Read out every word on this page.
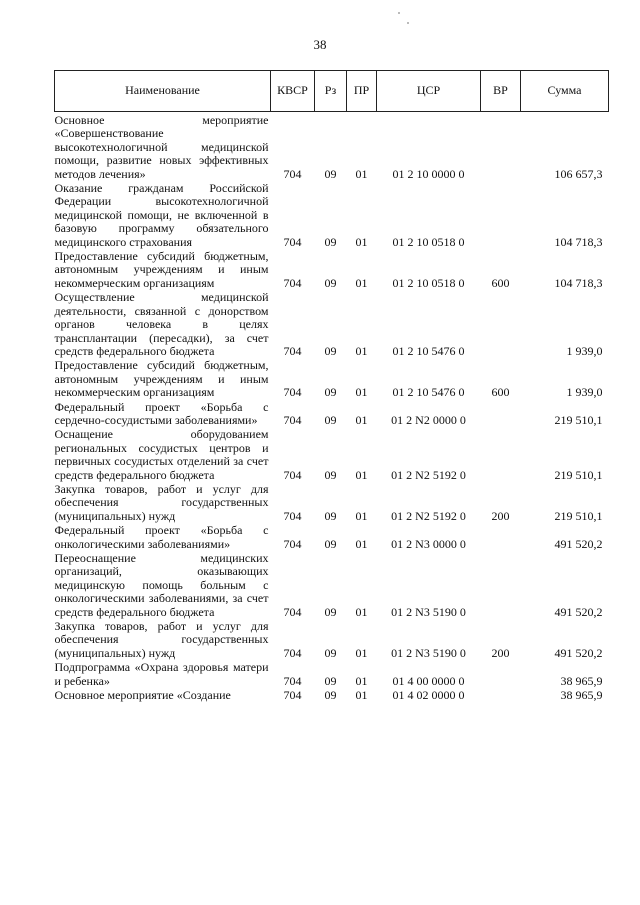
38
Наименование	КВСР	Рз	ПР	ЦСР	ВР	Сумма
Основное мероприятие «Совершенствование высокотехнологичной медицинской помощи, развитие новых эффективных методов лечения»	704	09	01	01 2 10 0000 0		106 657,3
Оказание гражданам Российской Федерации высокотехнологичной медицинской помощи, не включенной в базовую программу обязательного медицинского страхования	704	09	01	01 2 10 0518 0		104 718,3
Предоставление субсидий бюджетным, автономным учреждениям и иным некоммерческим организациям	704	09	01	01 2 10 0518 0	600	104 718,3
Осуществление медицинской деятельности, связанной с донорством органов человека в целях трансплантации (пересадки), за счет средств федерального бюджета	704	09	01	01 2 10 5476 0		1 939,0
Предоставление субсидий бюджетным, автономным учреждениям и иным некоммерческим организациям	704	09	01	01 2 10 5476 0	600	1 939,0
Федеральный проект «Борьба с сердечно-сосудистыми заболеваниями»	704	09	01	01 2 N2 0000 0		219 510,1
Оснащение оборудованием региональных сосудистых центров и первичных сосудистых отделений за счет средств федерального бюджета	704	09	01	01 2 N2 5192 0		219 510,1
Закупка товаров, работ и услуг для обеспечения государственных (муниципальных) нужд	704	09	01	01 2 N2 5192 0	200	219 510,1
Федеральный проект «Борьба с онкологическими заболеваниями»	704	09	01	01 2 N3 0000 0		491 520,2
Переоснащение медицинских организаций, оказывающих медицинскую помощь больным с онкологическими заболеваниями, за счет средств федерального бюджета	704	09	01	01 2 N3 5190 0		491 520,2
Закупка товаров, работ и услуг для обеспечения государственных (муниципальных) нужд	704	09	01	01 2 N3 5190 0	200	491 520,2
Подпрограмма «Охрана здоровья матери и ребенка»	704	09	01	01 4 00 0000 0		38 965,9
Основное мероприятие «Создание	704	09	01	01 4 02 0000 0		38 965,9
